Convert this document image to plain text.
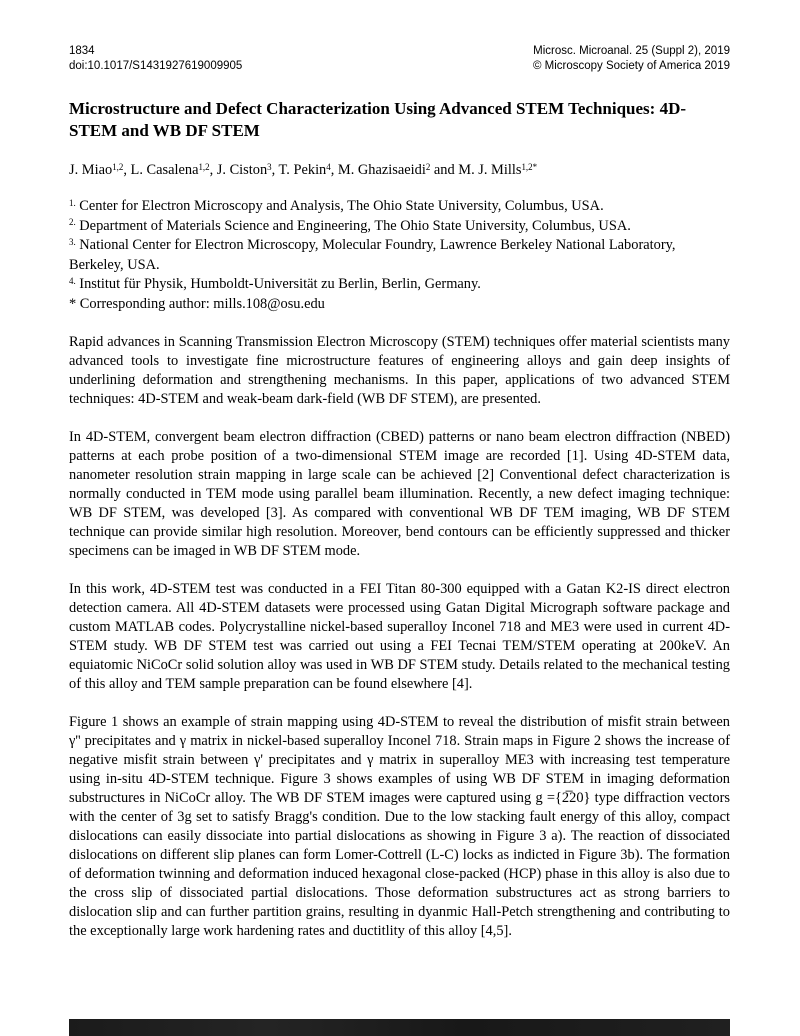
1834
doi:10.1017/S1431927619009905
Microsc. Microanal. 25 (Suppl 2), 2019
© Microscopy Society of America 2019
Microstructure and Defect Characterization Using Advanced STEM Techniques: 4D-STEM and WB DF STEM

J. Miao$^{1,2}$, L. Casalena$^{1,2}$, J. Ciston$^3$, T. Pekin$^4$, M. Ghazisaeidi$^2$ and M. J. Mills$^{1,2*}$

$^{1.}$ Center for Electron Microscopy and Analysis, The Ohio State University, Columbus, USA.
$^{2.}$ Department of Materials Science and Engineering, The Ohio State University, Columbus, USA.
$^{3.}$ National Center for Electron Microscopy, Molecular Foundry, Lawrence Berkeley National Laboratory, Berkeley, USA.
$^{4.}$ Institut für Physik, Humboldt-Universität zu Berlin, Berlin, Germany.
* Corresponding author: mills.108@osu.edu

Rapid advances in Scanning Transmission Electron Microscopy (STEM) techniques offer material scientists many advanced tools to investigate fine microstructure features of engineering alloys and gain deep insights of underlining deformation and strengthening mechanisms. In this paper, applications of two advanced STEM techniques: 4D-STEM and weak-beam dark-field (WB DF STEM), are presented.

In 4D-STEM, convergent beam electron diffraction (CBED) patterns or nano beam electron diffraction (NBED) patterns at each probe position of a two-dimensional STEM image are recorded [1]. Using 4D-STEM data, nanometer resolution strain mapping in large scale can be achieved [2] Conventional defect characterization is normally conducted in TEM mode using parallel beam illumination. Recently, a new defect imaging technique: WB DF STEM, was developed [3]. As compared with conventional WB DF TEM imaging, WB DF STEM technique can provide similar high resolution. Moreover, bend contours can be efficiently suppressed and thicker specimens can be imaged in WB DF STEM mode.

In this work, 4D-STEM test was conducted in a FEI Titan 80-300 equipped with a Gatan K2-IS direct electron detection camera. All 4D-STEM datasets were processed using Gatan Digital Micrograph software package and custom MATLAB codes. Polycrystalline nickel-based superalloy Inconel 718 and ME3 were used in current 4D-STEM study. WB DF STEM test was carried out using a FEI Tecnai TEM/STEM operating at 200keV. An equiatomic NiCoCr solid solution alloy was used in WB DF STEM study. Details related to the mechanical testing of this alloy and TEM sample preparation can be found elsewhere [4].

Figure 1 shows an example of strain mapping using 4D-STEM to reveal the distribution of misfit strain between γ'' precipitates and γ matrix in nickel-based superalloy Inconel 718. Strain maps in Figure 2 shows the increase of negative misfit strain between γ' precipitates and γ matrix in superalloy ME3 with increasing test temperature using in-situ 4D-STEM technique. Figure 3 shows examples of using WB DF STEM in imaging deformation substructures in NiCoCr alloy. The WB DF STEM images were captured using g ={2̅20} type diffraction vectors with the center of 3g set to satisfy Bragg's condition. Due to the low stacking fault energy of this alloy, compact dislocations can easily dissociate into partial dislocations as showing in Figure 3 a). The reaction of dissociated dislocations on different slip planes can form Lomer-Cottrell (L-C) locks as indicted in Figure 3b). The formation of deformation twinning and deformation induced hexagonal close-packed (HCP) phase in this alloy is also due to the cross slip of dissociated partial dislocations. Those deformation substructures act as strong barriers to dislocation slip and can further partition grains, resulting in dyanmic Hall-Petch strengthening and contributing to the exceptionally large work hardening rates and ductitlity of this alloy [4,5].
